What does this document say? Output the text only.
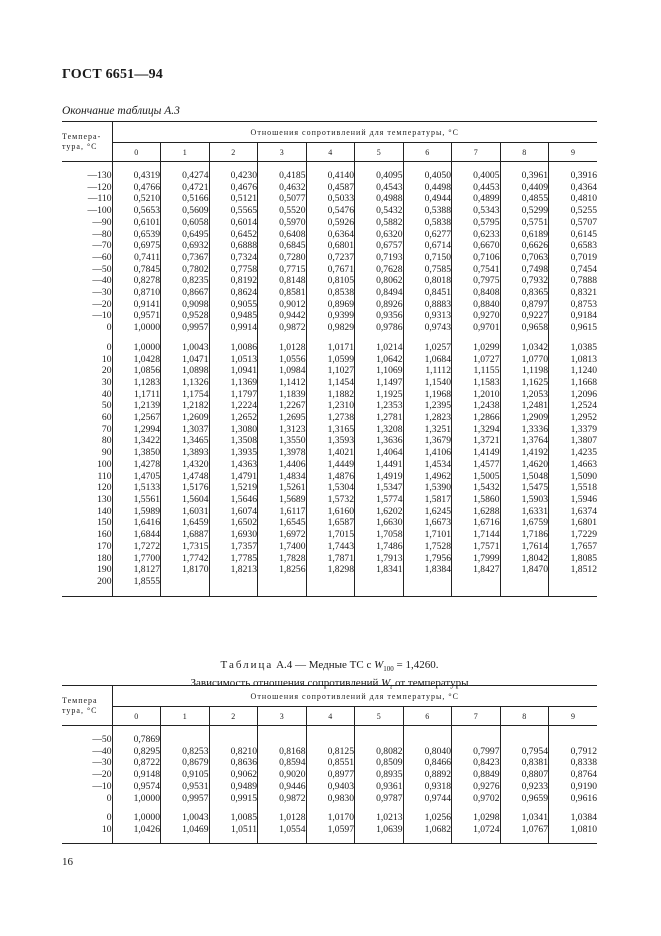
ГОСТ 6651—94
Окончание таблицы А.3
Темпера-
тура, °С	Отношения сопротивлений для температуры, °С									
	0	1	2	3	4	5	6	7	8	9

—130	0,4319	0,4274	0,4230	0,4185	0,4140	0,4095	0,4050	0,4005	0,3961	0,3916
—120	0,4766	0,4721	0,4676	0,4632	0,4587	0,4543	0,4498	0,4453	0,4409	0,4364
—110	0,5210	0,5166	0,5121	0,5077	0,5033	0,4988	0,4944	0,4899	0,4855	0,4810
—100	0,5653	0,5609	0,5565	0,5520	0,5476	0,5432	0,5388	0,5343	0,5299	0,5255
—90	0,6101	0,6058	0,6014	0,5970	0,5926	0,5882	0,5838	0,5795	0,5751	0,5707
—80	0,6539	0,6495	0,6452	0,6408	0,6364	0,6320	0,6277	0,6233	0,6189	0,6145
—70	0,6975	0,6932	0,6888	0,6845	0,6801	0,6757	0,6714	0,6670	0,6626	0,6583
—60	0,7411	0,7367	0,7324	0,7280	0,7237	0,7193	0,7150	0,7106	0,7063	0,7019
—50	0,7845	0,7802	0,7758	0,7715	0,7671	0,7628	0,7585	0,7541	0,7498	0,7454
—40	0,8278	0,8235	0,8192	0,8148	0,8105	0,8062	0,8018	0,7975	0,7932	0,7888
—30	0,8710	0,8667	0,8624	0,8581	0,8538	0,8494	0,8451	0,8408	0,8365	0,8321
—20	0,9141	0,9098	0,9055	0,9012	0,8969	0,8926	0,8883	0,8840	0,8797	0,8753
—10	0,9571	0,9528	0,9485	0,9442	0,9399	0,9356	0,9313	0,9270	0,9227	0,9184
0	1,0000	0,9957	0,9914	0,9872	0,9829	0,9786	0,9743	0,9701	0,9658	0,9615

0	1,0000	1,0043	1,0086	1,0128	1,0171	1,0214	1,0257	1,0299	1,0342	1,0385
10	1,0428	1,0471	1,0513	1,0556	1,0599	1,0642	1,0684	1,0727	1,0770	1,0813
20	1,0856	1,0898	1,0941	1,0984	1,1027	1,1069	1,1112	1,1155	1,1198	1,1240
30	1,1283	1,1326	1,1369	1,1412	1,1454	1,1497	1,1540	1,1583	1,1625	1,1668
40	1,1711	1,1754	1,1797	1,1839	1,1882	1,1925	1,1968	1,2010	1,2053	1,2096
50	1,2139	1,2182	1,2224	1,2267	1,2310	1,2353	1,2395	1,2438	1,2481	1,2524
60	1,2567	1,2609	1,2652	1,2695	1,2738	1,2781	1,2823	1,2866	1,2909	1,2952
70	1,2994	1,3037	1,3080	1,3123	1,3165	1,3208	1,3251	1,3294	1,3336	1,3379
80	1,3422	1,3465	1,3508	1,3550	1,3593	1,3636	1,3679	1,3721	1,3764	1,3807
90	1,3850	1,3893	1,3935	1,3978	1,4021	1,4064	1,4106	1,4149	1,4192	1,4235
100	1,4278	1,4320	1,4363	1,4406	1,4449	1,4491	1,4534	1,4577	1,4620	1,4663
110	1,4705	1,4748	1,4791	1,4834	1,4876	1,4919	1,4962	1,5005	1,5048	1,5090
120	1,5133	1,5176	1,5219	1,5261	1,5304	1,5347	1,5390	1,5432	1,5475	1,5518
130	1,5561	1,5604	1,5646	1,5689	1,5732	1,5774	1,5817	1,5860	1,5903	1,5946
140	1,5989	1,6031	1,6074	1,6117	1,6160	1,6202	1,6245	1,6288	1,6331	1,6374
150	1,6416	1,6459	1,6502	1,6545	1,6587	1,6630	1,6673	1,6716	1,6759	1,6801
160	1,6844	1,6887	1,6930	1,6972	1,7015	1,7058	1,7101	1,7144	1,7186	1,7229
170	1,7272	1,7315	1,7357	1,7400	1,7443	1,7486	1,7528	1,7571	1,7614	1,7657
180	1,7700	1,7742	1,7785	1,7828	1,7871	1,7913	1,7956	1,7999	1,8042	1,8085
190	1,8127	1,8170	1,8213	1,8256	1,8298	1,8341	1,8384	1,8427	1,8470	1,8512
200	1,8555									

Таблица А.4 — Медные ТС с $W_{100} = 1,4260$.
Зависимость отношения сопротивлений $W_t$ от температуры
Темпера
тура, °С	Отношения сопротивлений для температуры, °С									
	0	1	2	3	4	5	6	7	8	9

—50	0,7869									
—40	0,8295	0,8253	0,8210	0,8168	0,8125	0,8082	0,8040	0,7997	0,7954	0,7912
—30	0,8722	0,8679	0,8636	0,8594	0,8551	0,8509	0,8466	0,8423	0,8381	0,8338
—20	0,9148	0,9105	0,9062	0,9020	0,8977	0,8935	0,8892	0,8849	0,8807	0,8764
—10	0,9574	0,9531	0,9489	0,9446	0,9403	0,9361	0,9318	0,9276	0,9233	0,9190
0	1,0000	0,9957	0,9915	0,9872	0,9830	0,9787	0,9744	0,9702	0,9659	0,9616

0	1,0000	1,0043	1,0085	1,0128	1,0170	1,0213	1,0256	1,0298	1,0341	1,0384
10	1,0426	1,0469	1,0511	1,0554	1,0597	1,0639	1,0682	1,0724	1,0767	1,0810

16
